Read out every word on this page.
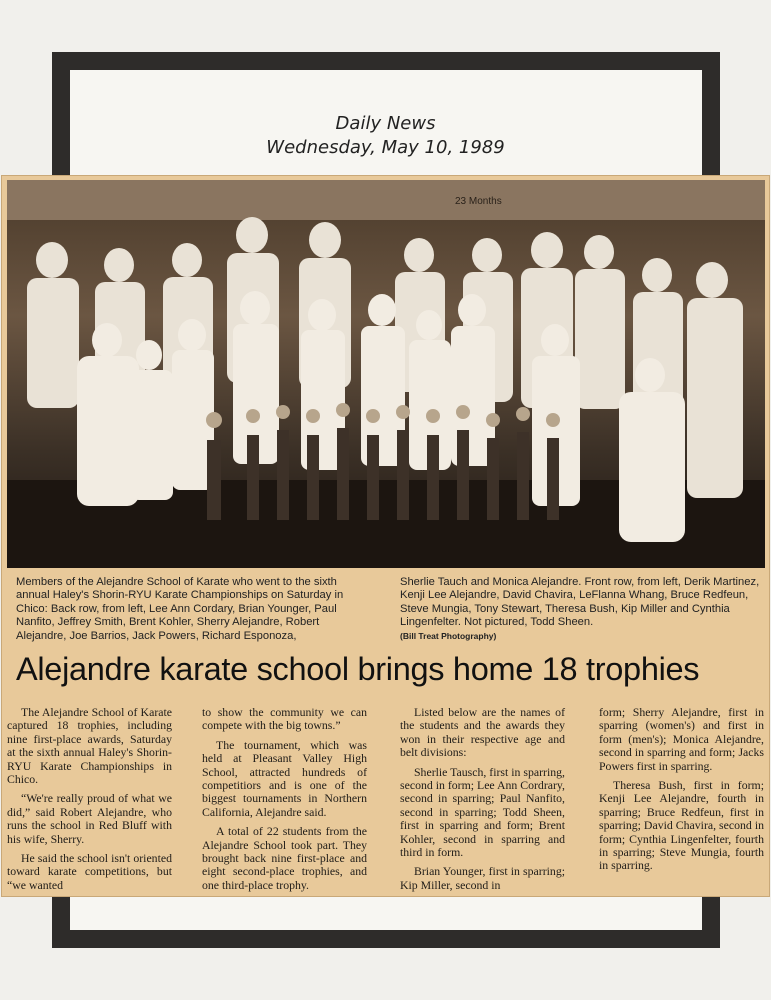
Daily News
Wednesday, May 10, 1989
23 Months
Members of the Alejandre School of Karate who went to the sixth annual Haley's Shorin-RYU Karate Championships on Saturday in Chico: Back row, from left, Lee Ann Cordary, Brian Younger, Paul Nanfito, Jeffrey Smith, Brent Kohler, Sherry Alejandre, Robert Alejandre, Joe Barrios, Jack Powers, Richard Esponoza,
Sherlie Tauch and Monica Alejandre. Front row, from left, Derik Martinez, Kenji Lee Alejandre, David Chavira, LeFlanna Whang, Bruce Redfeun, Steve Mungia, Tony Stewart, Theresa Bush, Kip Miller and Cynthia Lingenfelter. Not pictured, Todd Sheen.
(Bill Treat Photography)
Alejandre karate school brings home 18 trophies

The Alejandre School of Karate captured 18 trophies, including nine first-place awards, Saturday at the sixth annual Haley's Shorin-RYU Karate Championships in Chico.

“We're really proud of what we did,” said Robert Alejandre, who runs the school in Red Bluff with his wife, Sherry.

He said the school isn't oriented toward karate competitions, but “we wanted

to show the community we can compete with the big towns.”

The tournament, which was held at Pleasant Valley High School, attracted hundreds of competitiors and is one of the biggest tournaments in Northern California, Alejandre said.

A total of 22 students from the Alejandre School took part. They brought back nine first-place and eight second-place trophies, and one third-place trophy.

Listed below are the names of the students and the awards they won in their respective age and belt divisions:

Sherlie Tausch, first in sparring, second in form; Lee Ann Cordrary, second in sparring; Paul Nanfito, second in sparring; Todd Sheen, first in sparring and form; Brent Kohler, second in sparring and third in form.

Brian Younger, first in sparring; Kip Miller, second in

form; Sherry Alejandre, first in sparring (women's) and first in form (men's); Monica Alejandre, second in sparring and form; Jacks Powers first in sparring.

Theresa Bush, first in form; Kenji Lee Alejandre, fourth in sparring; Bruce Redfeun, first in sparring; David Chavira, second in form; Cynthia Lingenfelter, fourth in sparring; Steve Mungia, fourth in sparring.
